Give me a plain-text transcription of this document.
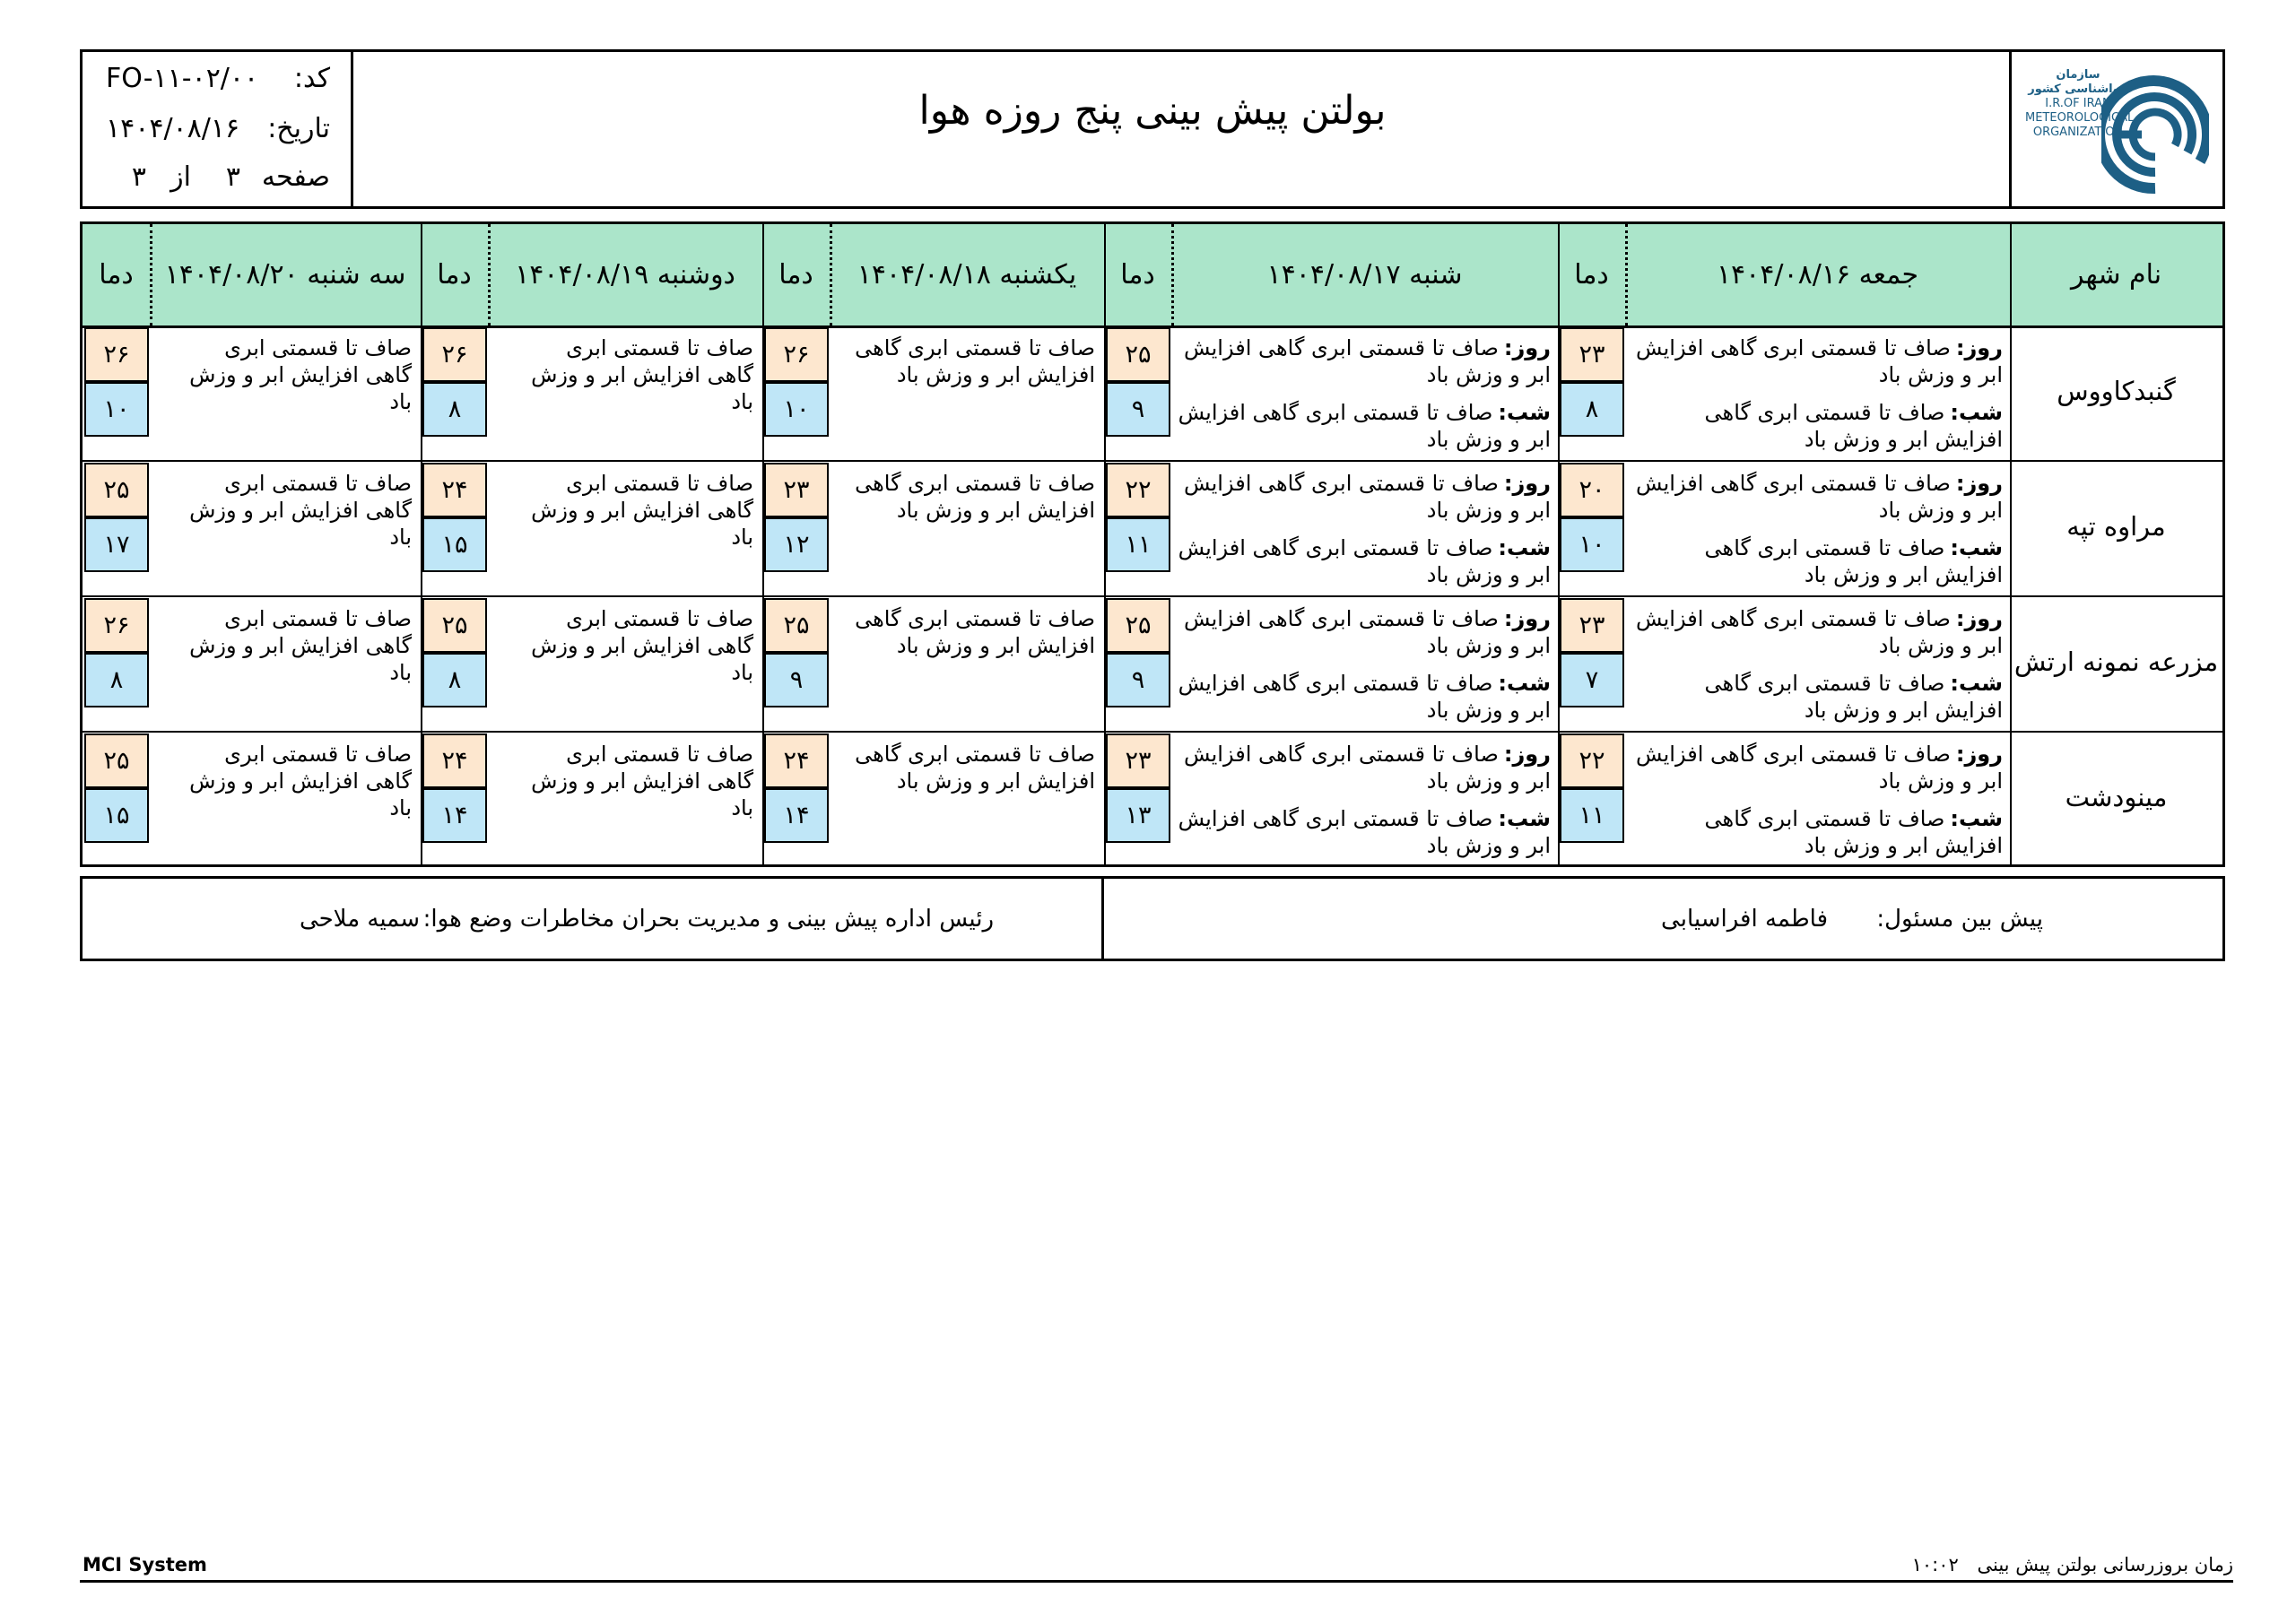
کد:
FO-۱۱-۰۲/۰۰
تاریخ:
۱۴۰۴/۰۸/۱۶
صفحه
۳
از
۳
بولتن پیش بینی پنج روزه هوا
سازمان هواشناسی کشور
I.R.OF IRAN
METEOROLOGICAL
ORGANIZATION
نام شهر
جمعه ۱۴۰۴/۰۸/۱۶
دما
شنبه ۱۴۰۴/۰۸/۱۷
دما
یکشنبه ۱۴۰۴/۰۸/۱۸
دما
دوشنبه ۱۴۰۴/۰۸/۱۹
دما
سه شنبه ۱۴۰۴/۰۸/۲۰
دما
گنبدکاووس
روز:صاف تا قسمتی ابری گاهی افزایش ابر و وزش باد
شب:صاف تا قسمتی ابری گاهی افزایش ابر و وزش باد
۲۳
۸
روز:صاف تا قسمتی ابری گاهی افزایش ابر و وزش باد
شب:صاف تا قسمتی ابری گاهی افزایش ابر و وزش باد
۲۵
۹
صاف تا قسمتی ابری گاهی افزایش ابر و وزش باد
۲۶
۱۰
صاف تا قسمتی ابری گاهی افزایش ابر و وزش باد
۲۶
۸
صاف تا قسمتی ابری گاهی افزایش ابر و وزش باد
۲۶
۱۰
مراوه تپه
روز:صاف تا قسمتی ابری گاهی افزایش ابر و وزش باد
شب:صاف تا قسمتی ابری گاهی افزایش ابر و وزش باد
۲۰
۱۰
روز:صاف تا قسمتی ابری گاهی افزایش ابر و وزش باد
شب:صاف تا قسمتی ابری گاهی افزایش ابر و وزش باد
۲۲
۱۱
صاف تا قسمتی ابری گاهی افزایش ابر و وزش باد
۲۳
۱۲
صاف تا قسمتی ابری گاهی افزایش ابر و وزش باد
۲۴
۱۵
صاف تا قسمتی ابری گاهی افزایش ابر و وزش باد
۲۵
۱۷
مزرعه نمونه ارتش
روز:صاف تا قسمتی ابری گاهی افزایش ابر و وزش باد
شب:صاف تا قسمتی ابری گاهی افزایش ابر و وزش باد
۲۳
۷
روز:صاف تا قسمتی ابری گاهی افزایش ابر و وزش باد
شب:صاف تا قسمتی ابری گاهی افزایش ابر و وزش باد
۲۵
۹
صاف تا قسمتی ابری گاهی افزایش ابر و وزش باد
۲۵
۹
صاف تا قسمتی ابری گاهی افزایش ابر و وزش باد
۲۵
۸
صاف تا قسمتی ابری گاهی افزایش ابر و وزش باد
۲۶
۸
مینودشت
روز:صاف تا قسمتی ابری گاهی افزایش ابر و وزش باد
شب:صاف تا قسمتی ابری گاهی افزایش ابر و وزش باد
۲۲
۱۱
روز:صاف تا قسمتی ابری گاهی افزایش ابر و وزش باد
شب:صاف تا قسمتی ابری گاهی افزایش ابر و وزش باد
۲۳
۱۳
صاف تا قسمتی ابری گاهی افزایش ابر و وزش باد
۲۴
۱۴
صاف تا قسمتی ابری گاهی افزایش ابر و وزش باد
۲۴
۱۴
صاف تا قسمتی ابری گاهی افزایش ابر و وزش باد
۲۵
۱۵
پیش بین مسئول:
فاطمه افراسیابی
رئیس اداره پیش بینی و مدیریت بحران مخاطرات وضع هوا:
سمیه ملاحی
MCI System	زمان بروزرسانی بولتن پیش بینی ۱۰:۰۲
